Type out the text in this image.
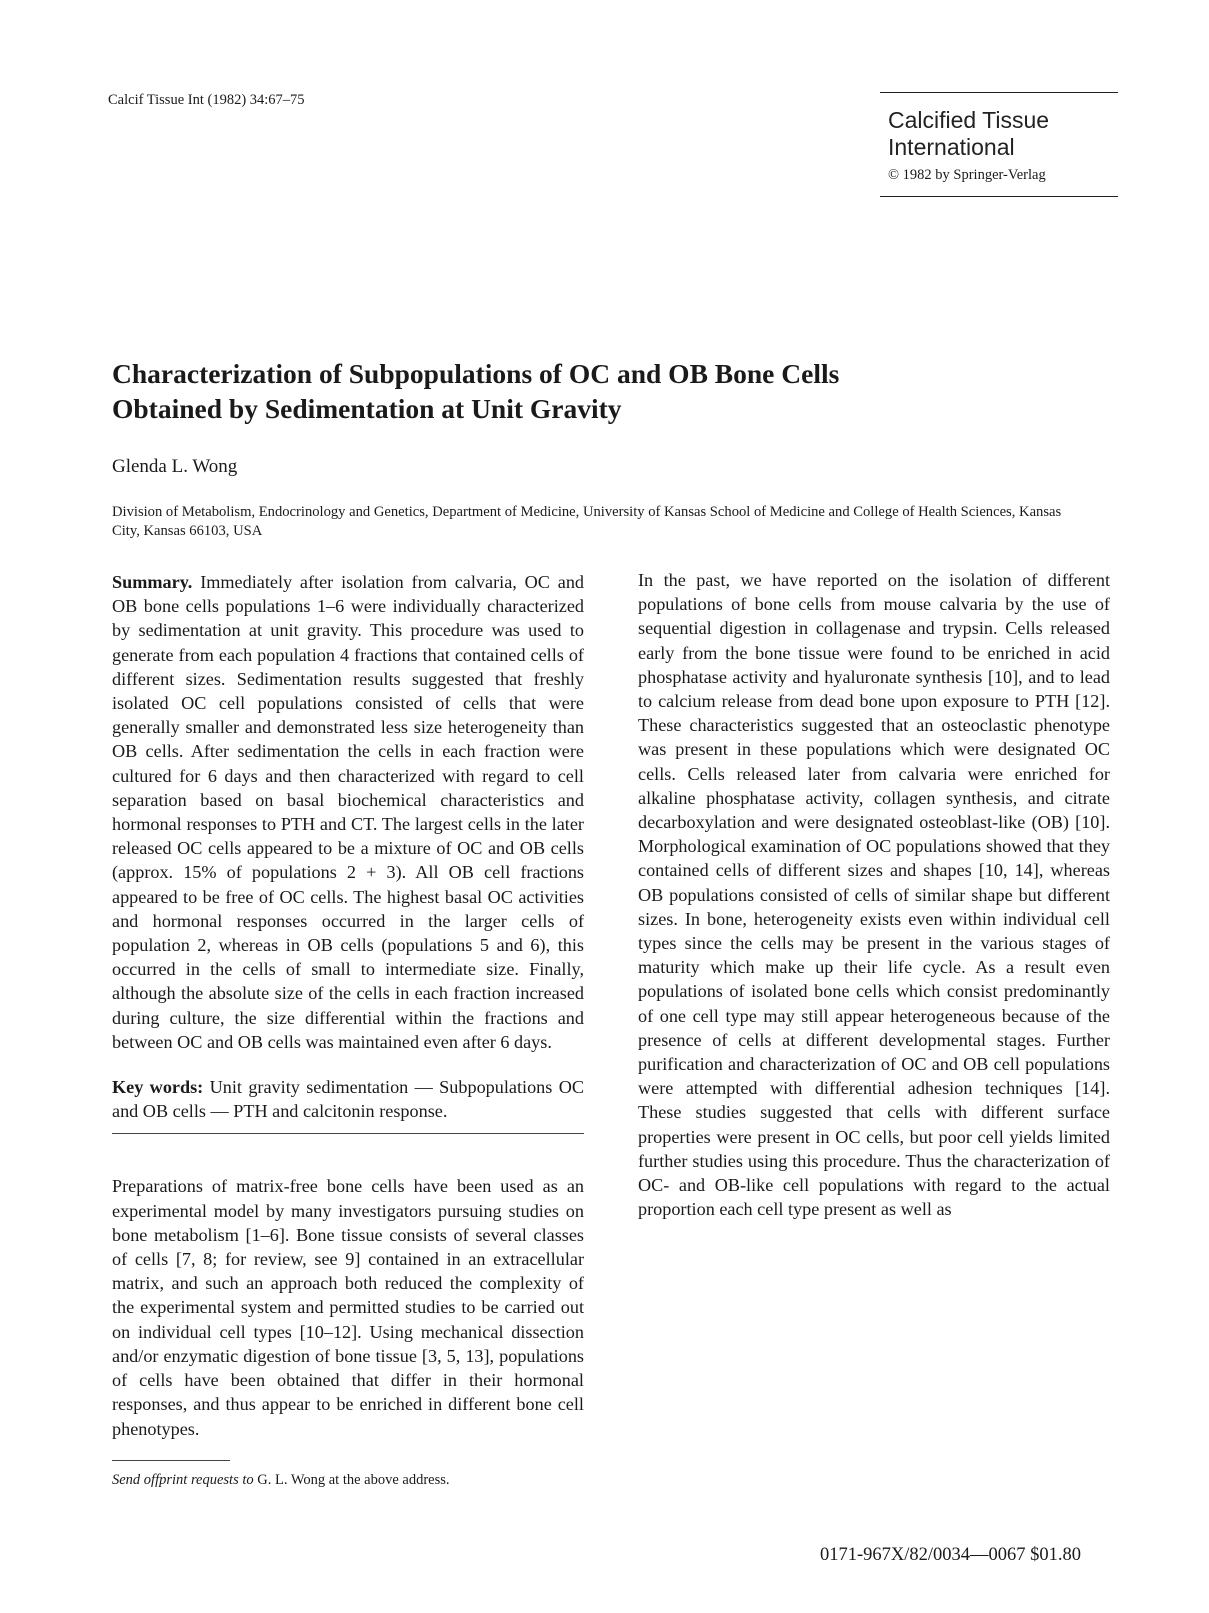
Calcif Tissue Int (1982) 34:67–75
Calcified Tissue
International
© 1982 by Springer-Verlag
Characterization of Subpopulations of OC and OB Bone Cells
Obtained by Sedimentation at Unit Gravity
Glenda L. Wong
Division of Metabolism, Endocrinology and Genetics, Department of Medicine, University of Kansas School of Medicine and College of Health Sciences, Kansas City, Kansas 66103, USA

Summary. Immediately after isolation from calvaria, OC and OB bone cells populations 1–6 were individually characterized by sedimentation at unit gravity. This procedure was used to generate from each population 4 fractions that contained cells of different sizes. Sedimentation results suggested that freshly isolated OC cell populations consisted of cells that were generally smaller and demonstrated less size heterogeneity than OB cells. After sedimentation the cells in each fraction were cultured for 6 days and then characterized with regard to cell separation based on basal biochemical characteristics and hormonal responses to PTH and CT. The largest cells in the later released OC cells appeared to be a mixture of OC and OB cells (approx. 15% of populations 2 + 3). All OB cell fractions appeared to be free of OC cells. The highest basal OC activities and hormonal responses occurred in the larger cells of population 2, whereas in OB cells (populations 5 and 6), this occurred in the cells of small to intermediate size. Finally, although the absolute size of the cells in each fraction increased during culture, the size differential within the fractions and between OC and OB cells was maintained even after 6 days.

Key words: Unit gravity sedimentation — Subpopulations OC and OB cells — PTH and calcitonin response.

Preparations of matrix-free bone cells have been used as an experimental model by many investigators pursuing studies on bone metabolism [1–6]. Bone tissue consists of several classes of cells [7, 8; for review, see 9] contained in an extracellular matrix, and such an approach both reduced the complexity of the experimental system and permitted studies to be carried out on individual cell types [10–12]. Using mechanical dissection and/or enzymatic digestion of bone tissue [3, 5, 13], populations of cells have been obtained that differ in their hormonal responses, and thus appear to be enriched in different bone cell phenotypes.

In the past, we have reported on the isolation of different populations of bone cells from mouse calvaria by the use of sequential digestion in collagenase and trypsin. Cells released early from the bone tissue were found to be enriched in acid phosphatase activity and hyaluronate synthesis [10], and to lead to calcium release from dead bone upon exposure to PTH [12]. These characteristics suggested that an osteoclastic phenotype was present in these populations which were designated OC cells. Cells released later from calvaria were enriched for alkaline phosphatase activity, collagen synthesis, and citrate decarboxylation and were designated osteoblast-like (OB) [10]. Morphological examination of OC populations showed that they contained cells of different sizes and shapes [10, 14], whereas OB populations consisted of cells of similar shape but different sizes. In bone, heterogeneity exists even within individual cell types since the cells may be present in the various stages of maturity which make up their life cycle. As a result even populations of isolated bone cells which consist predominantly of one cell type may still appear heterogeneous because of the presence of cells at different developmental stages. Further purification and characterization of OC and OB cell populations were attempted with differential adhesion techniques [14]. These studies suggested that cells with different surface properties were present in OC cells, but poor cell yields limited further studies using this procedure. Thus the characterization of OC- and OB-like cell populations with regard to the actual proportion each cell type present as well as

Send offprint requests to G. L. Wong at the above address.
0171-967X/82/0034—0067 $01.80
